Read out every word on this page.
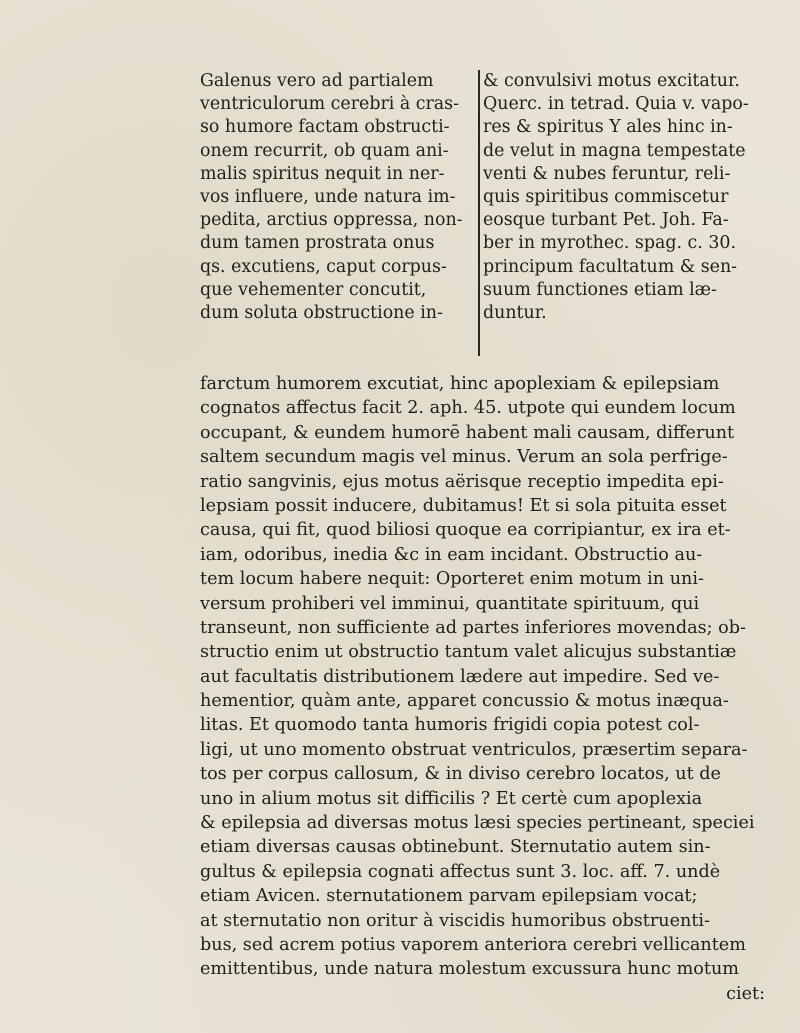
Galenus vero ad partialem
ventriculorum cerebri à cras-
so humore factam obstructi-
onem recurrit, ob quam ani-
malis spiritus nequit in ner-
vos influere, unde natura im-
pedita, arctius oppressa, non-
dum tamen prostrata onus
qs. excutiens, caput corpus-
que vehementer concutit,
dum soluta obstructione in-
& convulsivi motus excitatur.
Querc. in tetrad. Quia v. vapo-
res & spiritus Y ales hinc in-
de velut in magna tempestate
venti & nubes feruntur, reli-
quis spiritibus commiscetur
eosque turbant Pet. Joh. Fa-
ber in myrothec. spag. c. 30.
principum facultatum & sen-
suum functiones etiam læ-
duntur.
farctum humorem excutiat, hinc apoplexiam & epilepsiam
cognatos affectus facit 2. aph. 45. utpote qui eundem locum
occupant, & eundem humorē habent mali causam, differunt
saltem secundum magis vel minus. Verum an sola perfrige-
ratio sangvinis, ejus motus aërisque receptio impedita epi-
lepsiam possit inducere, dubitamus! Et si sola pituita esset
causa, qui fit, quod biliosi quoque ea corripiantur, ex ira et-
iam, odoribus, inedia &c in eam incidant. Obstructio au-
tem locum habere nequit: Oporteret enim motum in uni-
versum prohiberi vel imminui, quantitate spirituum, qui
transeunt, non sufficiente ad partes inferiores movendas; ob-
structio enim ut obstructio tantum valet alicujus substantiæ
aut facultatis distributionem lædere aut impedire. Sed ve-
hementior, quàm ante, apparet concussio & motus inæqua-
litas. Et quomodo tanta humoris frigidi copia potest col-
ligi, ut uno momento obstruat ventriculos, præsertim separa-
tos per corpus callosum, & in diviso cerebro locatos, ut de
uno in alium motus sit difficilis ? Et certè cum apoplexia
& epilepsia ad diversas motus læsi species pertineant, speciei
etiam diversas causas obtinebunt. Sternutatio autem sin-
gultus & epilepsia cognati affectus sunt 3. loc. aff. 7. undè
etiam Avicen. sternutationem parvam epilepsiam vocat;
at sternutatio non oritur à viscidis humoribus obstruenti-
bus, sed acrem potius vaporem anteriora cerebri vellicantem
emittentibus, unde natura molestum excussura hunc motum
ciet:
